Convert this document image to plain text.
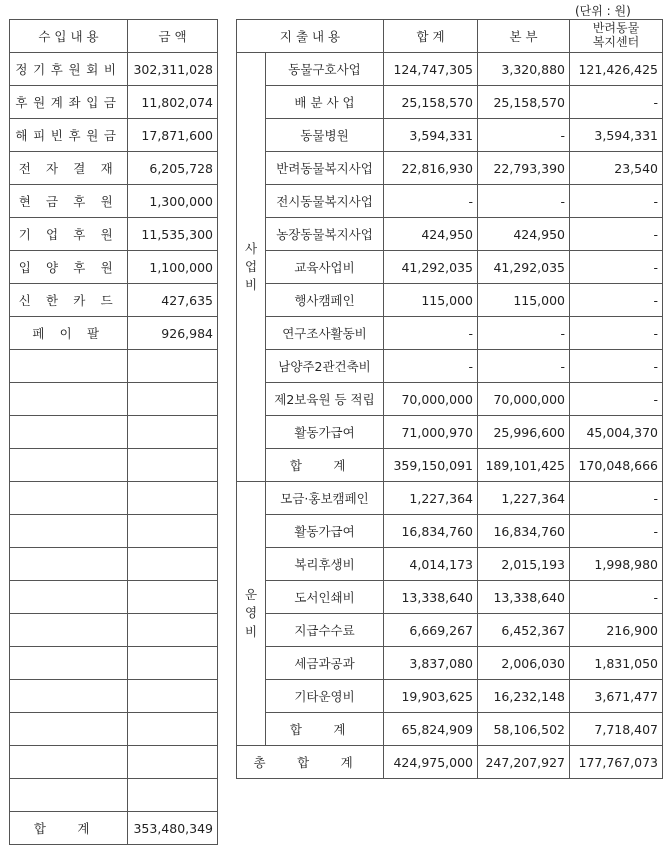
(단위 : 원)
수 입 내 용	금 액
정기후원회비	302,311,028
후원계좌입금	11,802,074
해피빈후원금	17,871,600
전 자 결 재	6,205,728
현 금 후 원	1,300,000
기 업 후 원	11,535,300
입 양 후 원	1,100,000
신 한 카 드	427,635
페 이 팔	926,984

합 계	353,480,349
지 출 내 용		합 계	본 부	반려동물
복지센터

사
업
비	동물구호사업	124,747,305	3,320,880	121,426,425
	배 분 사 업	25,158,570	25,158,570	-
	동물병원	3,594,331	-	3,594,331
	반려동물복지사업	22,816,930	22,793,390	23,540
	전시동물복지사업	-	-	-
	농장동물복지사업	424,950	424,950	-
	교육사업비	41,292,035	41,292,035	-
	행사캠페인	115,000	115,000	-
	연구조사활동비	-	-	-
	남양주2관건축비	-	-	-
	제2보육원 등 적립	70,000,000	70,000,000	-
	활동가급여	71,000,970	25,996,600	45,004,370
	합 계	359,150,091	189,101,425	170,048,666

운
영
비	모금·홍보캠페인	1,227,364	1,227,364	-
	활동가급여	16,834,760	16,834,760	-
	복리후생비	4,014,173	2,015,193	1,998,980
	도서인쇄비	13,338,640	13,338,640	-
	지급수수료	6,669,267	6,452,367	216,900
	세금과공과	3,837,080	2,006,030	1,831,050
	기타운영비	19,903,625	16,232,148	3,671,477
	합 계	65,824,909	58,106,502	7,718,407
총 합 계		424,975,000	247,207,927	177,767,073
